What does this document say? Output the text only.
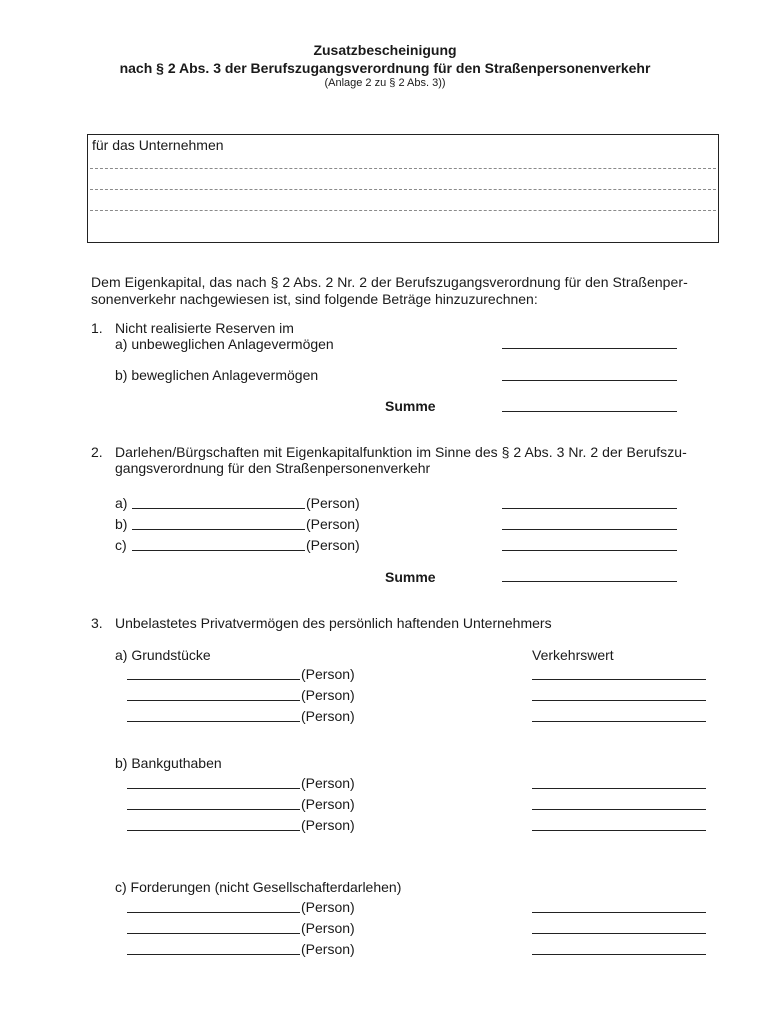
Zusatzbescheinigung
nach § 2 Abs. 3 der Berufszugangsverordnung für den Straßenpersonenverkehr
(Anlage 2 zu § 2 Abs. 3))
für das Unternehmen
Dem Eigenkapital, das nach § 2 Abs. 2 Nr. 2 der Berufszugangsverordnung für den Straßenper-
sonenverkehr nachgewiesen ist, sind folgende Beträge hinzuzurechnen:
1. Nicht realisierte Reserven im
a) unbeweglichen Anlagevermögen
b) beweglichen Anlagevermögen
Summe
2. Darlehen/Bürgschaften mit Eigenkapitalfunktion im Sinne des § 2 Abs. 3 Nr. 2 der Berufszu-
gangsverordnung für den Straßenpersonenverkehr
a)	(Person)
b)	(Person)
c)	(Person)
Summe
3. Unbelastetes Privatvermögen des persönlich haftenden Unternehmers
a) Grundstücke	Verkehrswert
(Person)
(Person)
(Person)
b) Bankguthaben
(Person)
(Person)
(Person)
c) Forderungen (nicht Gesellschafterdarlehen)
(Person)
(Person)
(Person)
